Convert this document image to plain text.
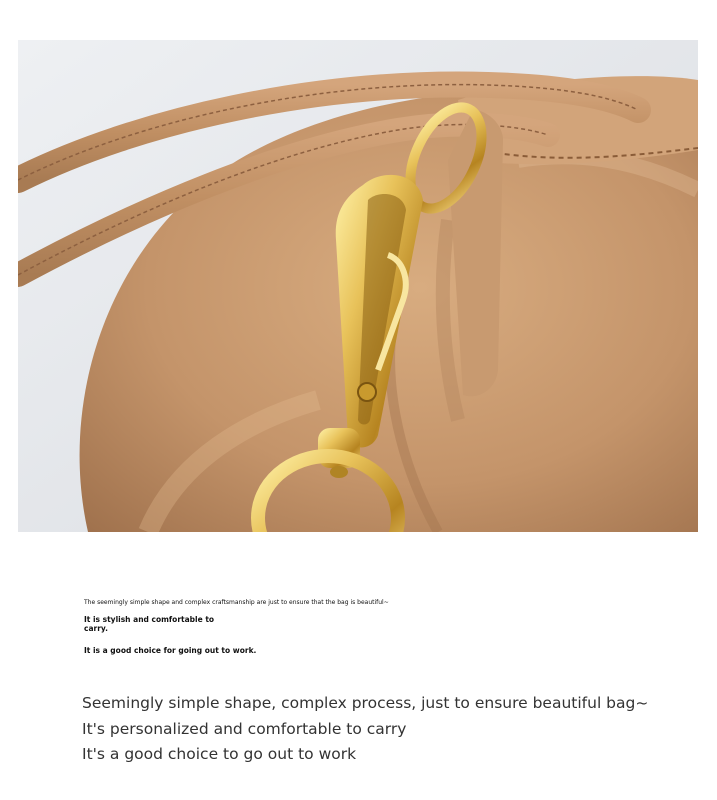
The seemingly simple shape and complex craftsmanship are just to ensure that the bag is beautiful~
It is stylish and comfortable to carry.
It is a good choice for going out to work.
Seemingly simple shape, complex process, just to ensure beautiful bag~
It's personalized and comfortable to carry
It's a good choice to go out to work
